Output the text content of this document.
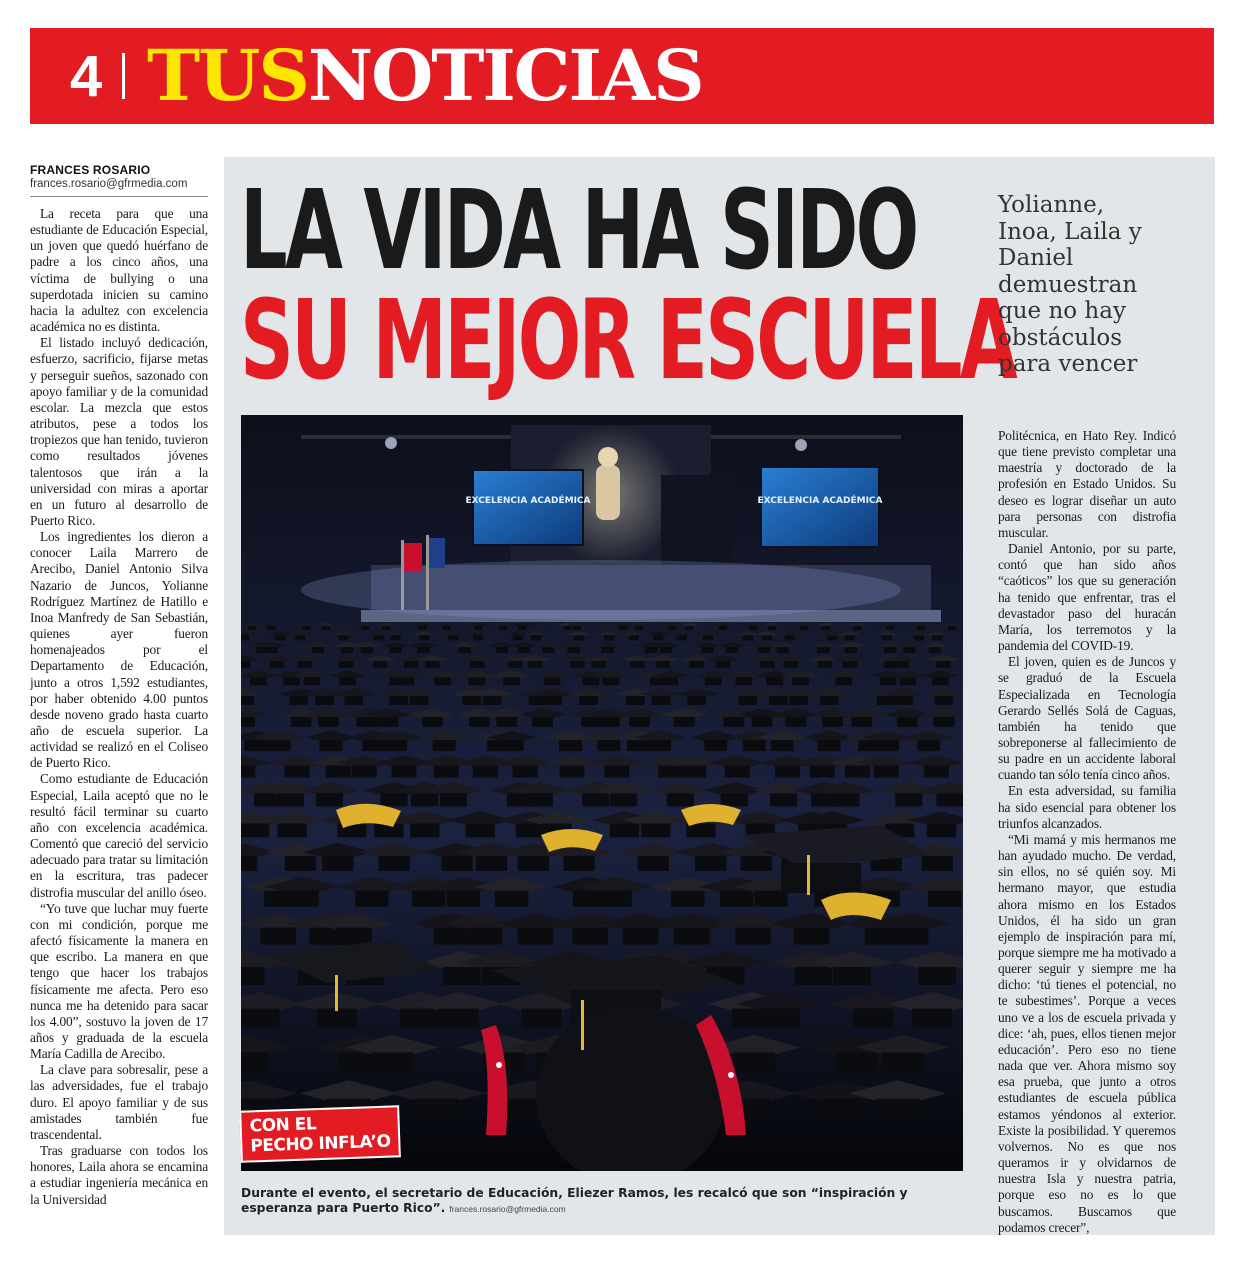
4 TUSNOTICIAS
FRANCES ROSARIO
frances.rosario@gfrmedia.com

La receta para que una estudiante de Educación Especial, un joven que quedó huérfano de padre a los cinco años, una víctima de bullying o una superdotada inicien su camino hacia la adultez con excelencia académica no es distinta.

El listado incluyó dedicación, esfuerzo, sacrificio, fijarse metas y perseguir sueños, sazonado con apoyo familiar y de la comunidad escolar. La mezcla que estos atributos, pese a todos los tropiezos que han tenido, tuvieron como resultados jóvenes talentosos que irán a la universidad con miras a aportar en un futuro al desarrollo de Puerto Rico.

Los ingredientes los dieron a conocer Laila Marrero de Arecibo, Daniel Antonio Silva Nazario de Juncos, Yolianne Rodríguez Martínez de Hatillo e Inoa Manfredy de San Sebastián, quienes ayer fueron homenajeados por el Departamento de Educación, junto a otros 1,592 estudiantes, por haber obtenido 4.00 puntos desde noveno grado hasta cuarto año de escuela superior. La actividad se realizó en el Coliseo de Puerto Rico.

Como estudiante de Educación Especial, Laila aceptó que no le resultó fácil terminar su cuarto año con excelencia académica. Comentó que careció del servicio adecuado para tratar su limitación en la escritura, tras padecer distrofia muscular del anillo óseo.

“Yo tuve que luchar muy fuerte con mi condición, porque me afectó físicamente la manera en que escribo. La manera en que tengo que hacer los trabajos físicamente me afecta. Pero eso nunca me ha detenido para sacar los 4.00”, sostuvo la joven de 17 años y graduada de la escuela María Cadilla de Arecibo.

La clave para sobresalir, pese a las adversidades, fue el trabajo duro. El apoyo familiar y de sus amistades también fue trascendental.

Tras graduarse con todos los honores, Laila ahora se encamina a estudiar ingeniería mecánica en la Universidad

LA VIDA HA SIDO
SU MEJOR ESCUELA
Yolianne,
Inoa, Laila y
Daniel
demuestran
que no hay
obstáculos
para vencer
EXCELENCIA ACADÉMICA	EXCELENCIA ACADÉMICA
CON EL
PECHO INFLA’O
Durante el evento, el secretario de Educación, Eliezer Ramos, les recalcó que son “inspiración y esperanza para Puerto Rico”. frances.rosario@gfrmedia.com

Politécnica, en Hato Rey. Indicó que tiene previsto completar una maestría y doctorado de la profesión en Estado Unidos. Su deseo es lograr diseñar un auto para personas con distrofia muscular.

Daniel Antonio, por su parte, contó que han sido años “caóticos” los que su generación ha tenido que enfrentar, tras el devastador paso del huracán María, los terremotos y la pandemia del COVID-19.

El joven, quien es de Juncos y se graduó de la Escuela Especializada en Tecnología Gerardo Sellés Solá de Caguas, también ha tenido que sobreponerse al fallecimiento de su padre en un accidente laboral cuando tan sólo tenía cinco años.

En esta adversidad, su familia ha sido esencial para obtener los triunfos alcanzados.

“Mi mamá y mis hermanos me han ayudado mucho. De verdad, sin ellos, no sé quién soy. Mi hermano mayor, que estudia ahora mismo en los Estados Unidos, él ha sido un gran ejemplo de inspiración para mí, porque siempre me ha motivado a querer seguir y siempre me ha dicho: ‘tú tienes el potencial, no te subestimes’. Porque a veces uno ve a los de escuela privada y dice: ‘ah, pues, ellos tienen mejor educación’. Pero eso no tiene nada que ver. Ahora mismo soy esa prueba, que junto a otros estudiantes de escuela pública estamos yéndonos al exterior. Existe la posibilidad. Y queremos volvernos. No es que nos queramos ir y olvidarnos de nuestra Isla y nuestra patria, porque eso no es lo que buscamos. Buscamos que podamos crecer”,
